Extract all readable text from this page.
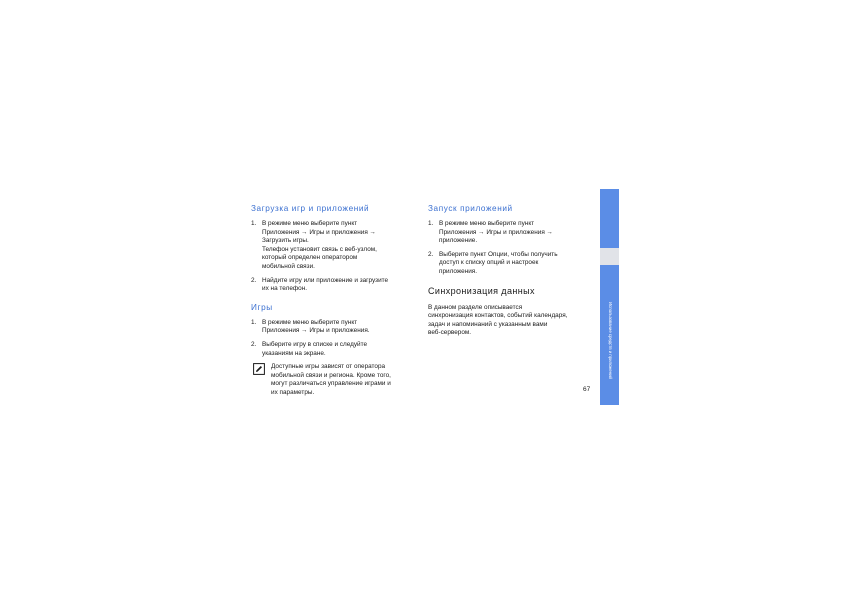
Загрузка игр и приложений
1. В режиме меню выберите пункт
Приложения → Игры и приложения →
Загрузить игры.
Телефон установит связь с веб-узлом,
который определен оператором
мобильной связи.
2. Найдите игру или приложение и загрузите
их на телефон.
Игры
1. В режиме меню выберите пункт
Приложения → Игры и приложения.
2. Выберите игру в списке и следуйте
указаниям на экране.
Доступные игры зависят от оператора
мобильной связи и региона. Кроме того,
могут различаться управление играми и
их параметры.
Запуск приложений
1. В режиме меню выберите пункт
Приложения → Игры и приложения →
приложение.
2. Выберите пункт Опции, чтобы получить
доступ к списку опций и настроек
приложения.
Синхронизация данных
В данном разделе описывается
синхронизация контактов, событий календаря,
задач и напоминаний с указанным вами
веб-сервером.	Использование средств и приложений
67
